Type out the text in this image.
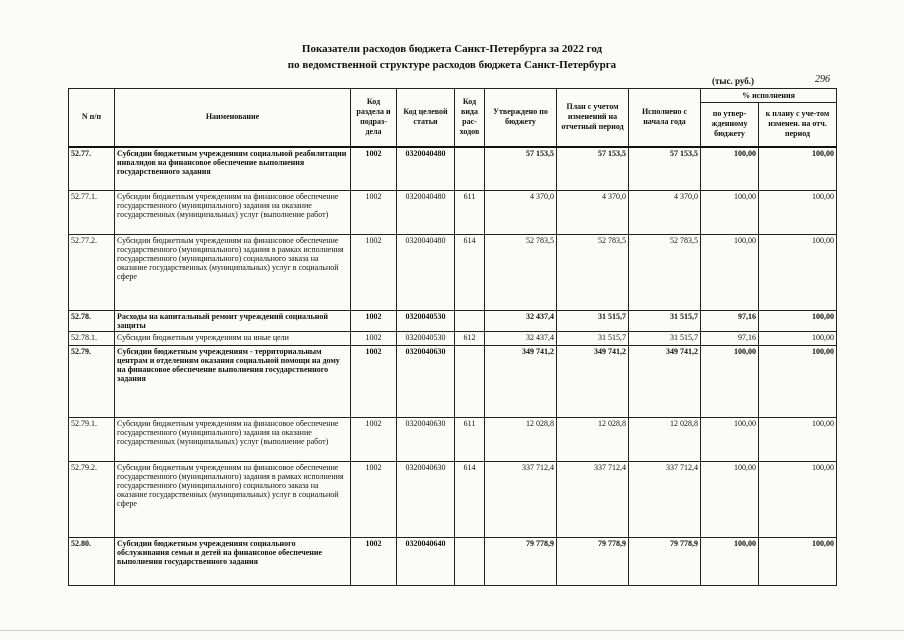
Показатели расходов бюджета Санкт-Петербурга за 2022 год
по ведомственной структуре расходов бюджета Санкт-Петербурга
(тыс. руб.)	296
N п/п	Наименование	Код раздела и подраз-дела	Код целевой статьи	Код вида рас-ходов	Утверждено по бюджету	План с учетом изменений на отчетный период	Исполнено с начала года	% исполнения	
								по утвер-жденному бюджету	к плану с уче-том изменен. на отч. период
52.77.	Субсидии бюджетным учреждениям социальной реабилитации инвалидов на финансовое обеспечение выполнения государственного задания	1002	0320040480		57 153,5	57 153,5	57 153,5	100,00	100,00
52.77.1.	Субсидии бюджетным учреждениям на финансовое обеспечение государственного (муниципального) задания на оказание государственных (муниципальных) услуг (выполнение работ)	1002	0320040480	611	4 370,0	4 370,0	4 370,0	100,00	100,00
52.77.2.	Субсидии бюджетным учреждениям на финансовое обеспечение государственного (муниципального) задания в рамках исполнения государственного (муниципального) социального заказа на оказание государственных (муниципальных) услуг в социальной сфере	1002	0320040480	614	52 783,5	52 783,5	52 783,5	100,00	100,00
52.78.	Расходы на капитальный ремонт учреждений социальной защиты	1002	0320040530		32 437,4	31 515,7	31 515,7	97,16	100,00
52.78.1.	Субсидии бюджетным учреждениям на иные цели	1002	0320040530	612	32 437,4	31 515,7	31 515,7	97,16	100,00
52.79.	Субсидии бюджетным учреждениям - территориальным центрам и отделениям оказания социальной помощи на дому на финансовое обеспечение выполнения государственного задания	1002	0320040630		349 741,2	349 741,2	349 741,2	100,00	100,00
52.79.1.	Субсидии бюджетным учреждениям на финансовое обеспечение государственного (муниципального) задания на оказание государственных (муниципальных) услуг (выполнение работ)	1002	0320040630	611	12 028,8	12 028,8	12 028,8	100,00	100,00
52.79.2.	Субсидии бюджетным учреждениям на финансовое обеспечение государственного (муниципального) задания в рамках исполнения государственного (муниципального) социального заказа на оказание государственных (муниципальных) услуг в социальной сфере	1002	0320040630	614	337 712,4	337 712,4	337 712,4	100,00	100,00
52.80.	Субсидии бюджетным учреждениям социального обслуживания семьи и детей на финансовое обеспечение выполнения государственного задания	1002	0320040640		79 778,9	79 778,9	79 778,9	100,00	100,00
